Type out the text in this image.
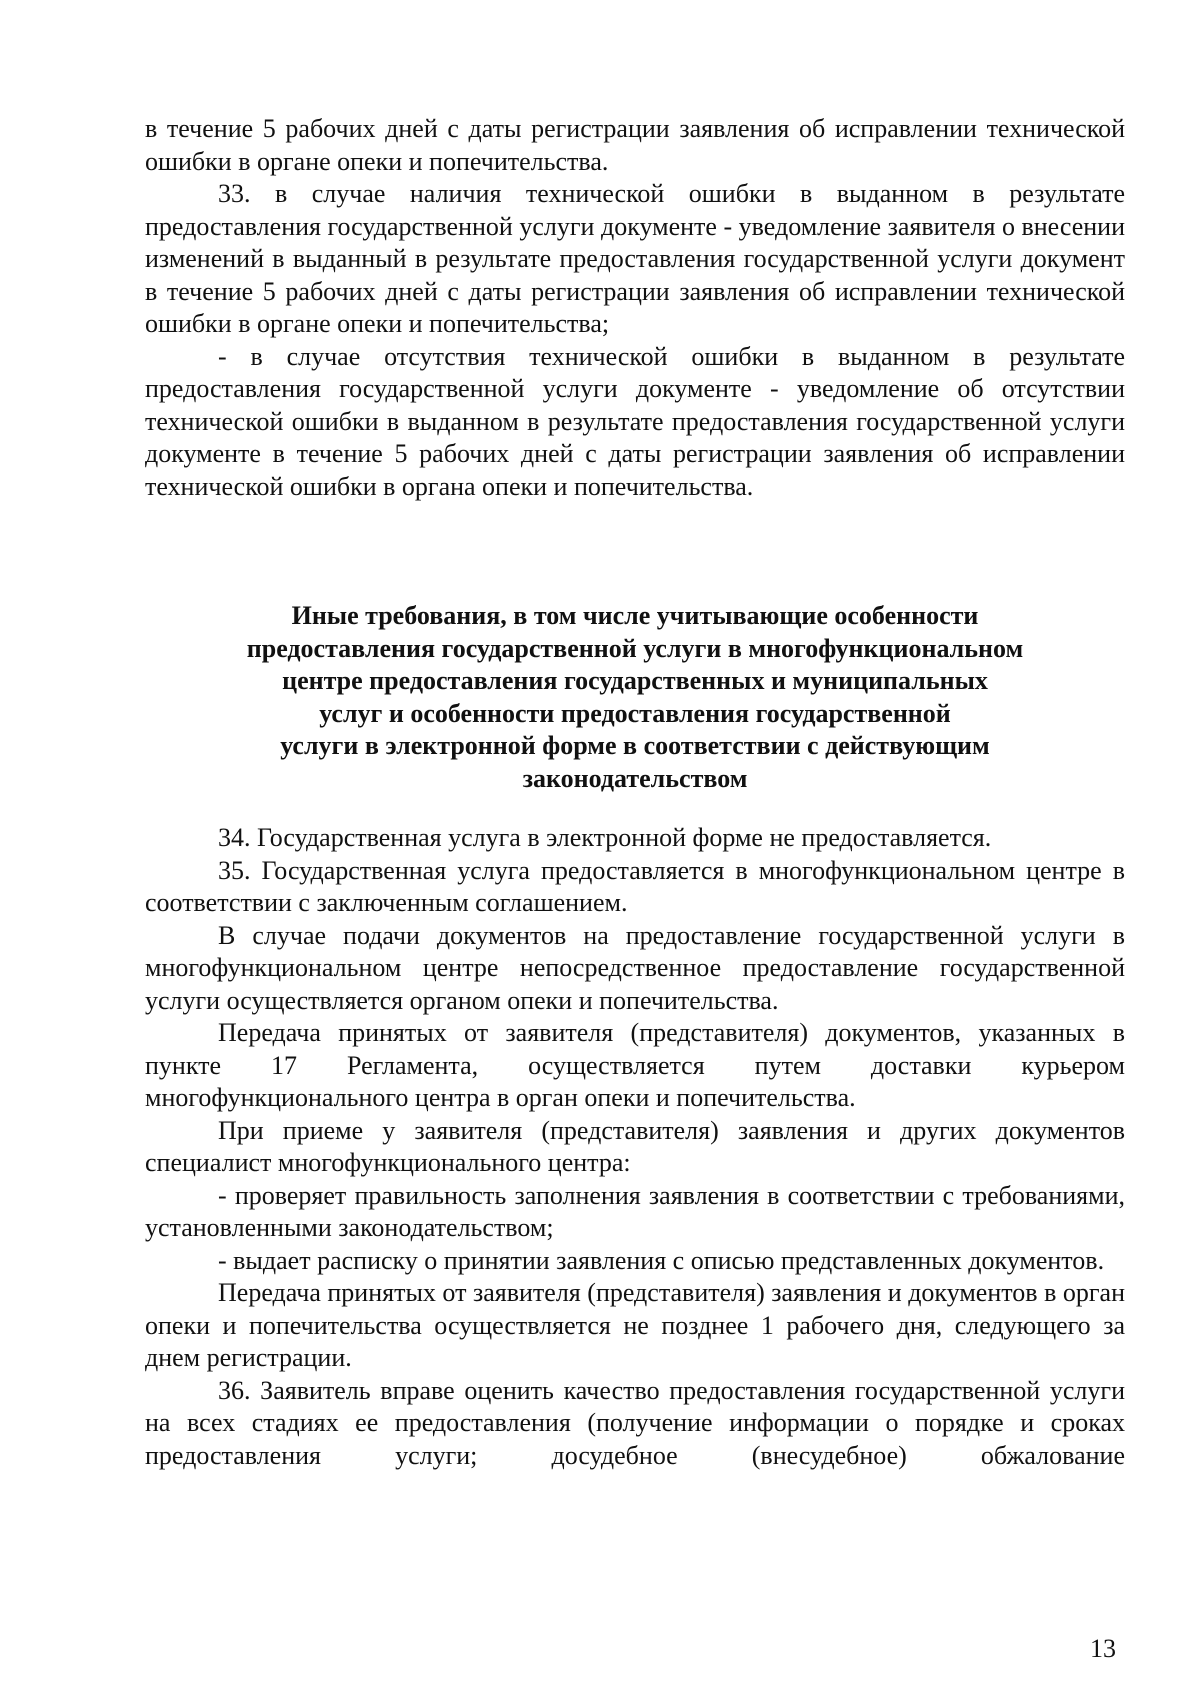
в течение 5 рабочих дней с даты регистрации заявления об исправлении технической ошибки в органе опеки и попечительства.

33. в случае наличия технической ошибки в выданном в результате предоставления государственной услуги документе - уведомление заявителя о внесении изменений в выданный в результате предоставления государственной услуги документ в течение 5 рабочих дней с даты регистрации заявления об исправлении технической ошибки в органе опеки и попечительства;

- в случае отсутствия технической ошибки в выданном в результате предоставления государственной услуги документе - уведомление об отсутствии технической ошибки в выданном в результате предоставления государственной услуги документе в течение 5 рабочих дней с даты регистрации заявления об исправлении технической ошибки в органа опеки и попечительства.

Иные требования, в том числе учитывающие особенности
предоставления государственной услуги в многофункциональном
центре предоставления государственных и муниципальных
услуг и особенности предоставления государственной
услуги в электронной форме в соответствии с действующим
законодательством

34. Государственная услуга в электронной форме не предоставляется.

35. Государственная услуга предоставляется в многофункциональном центре в соответствии с заключенным соглашением.

В случае подачи документов на предоставление государственной услуги в многофункциональном центре непосредственное предоставление государственной услуги осуществляется органом опеки и попечительства.

Передача принятых от заявителя (представителя) документов, указанных в пункте 17 Регламента, осуществляется путем доставки курьером многофункционального центра в орган опеки и попечительства.

При приеме у заявителя (представителя) заявления и других документов специалист многофункционального центра:

- проверяет правильность заполнения заявления в соответствии с требованиями, установленными законодательством;

- выдает расписку о принятии заявления с описью представленных документов.

Передача принятых от заявителя (представителя) заявления и документов в орган опеки и попечительства осуществляется не позднее 1 рабочего дня, следующего за днем регистрации.

36. Заявитель вправе оценить качество предоставления государственной услуги на всех стадиях ее предоставления (получение информации о порядке и сроках предоставления услуги; досудебное (внесудебное) обжалование

13
